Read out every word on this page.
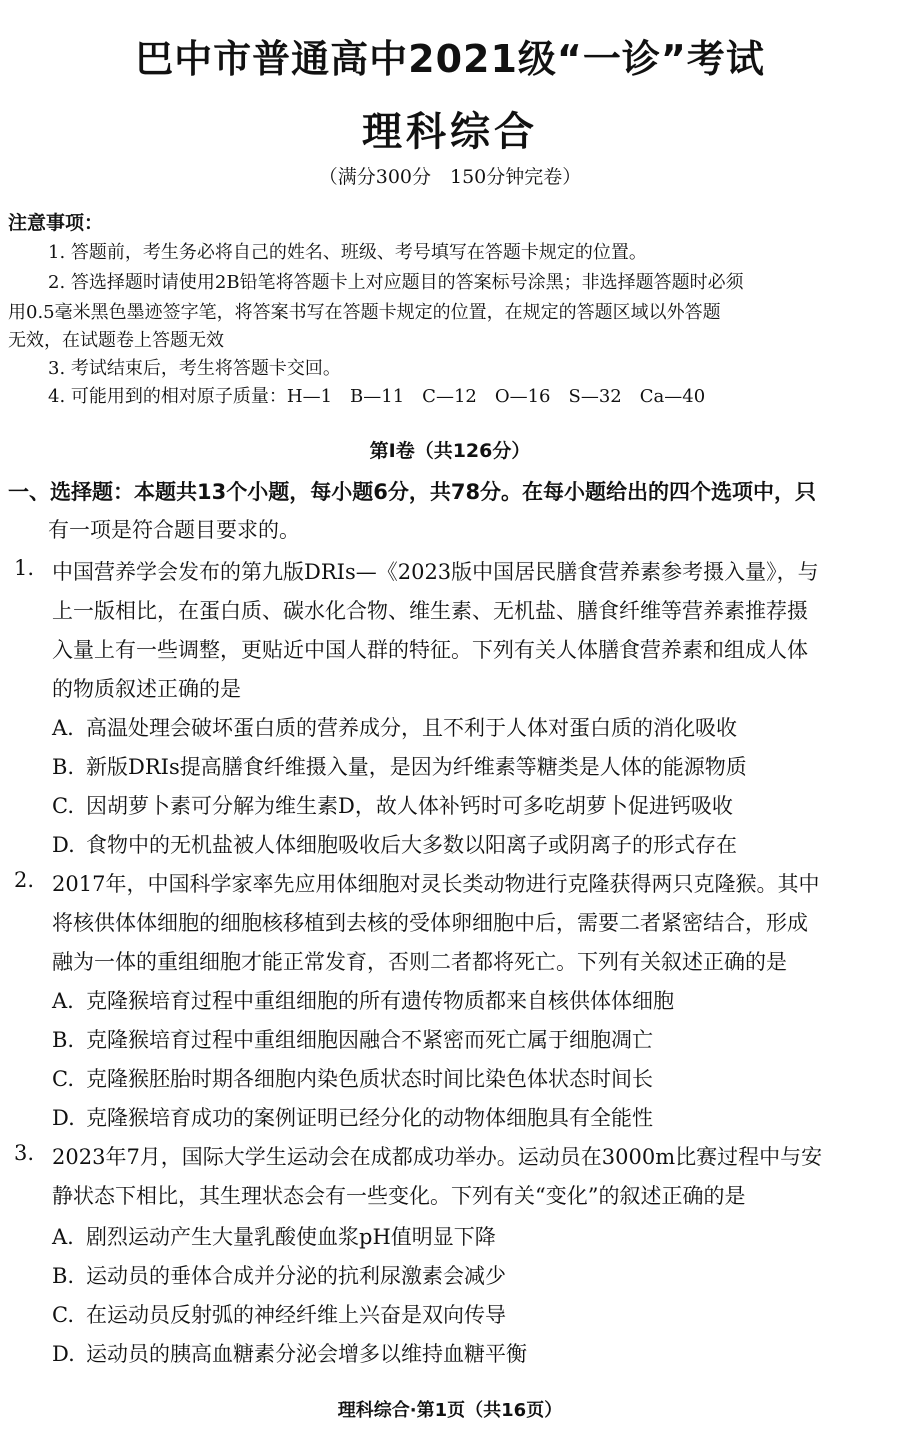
巴中市普通高中2021级“一诊”考试
理科综合
（满分300分　150分钟完卷）
注意事项：
1. 答题前，考生务必将自己的姓名、班级、考号填写在答题卡规定的位置。
2. 答选择题时请使用2B铅笔将答题卡上对应题目的答案标号涂黑；非选择题答题时必须
用0.5毫米黑色墨迹签字笔，将答案书写在答题卡规定的位置，在规定的答题区域以外答题
无效，在试题卷上答题无效
3. 考试结束后，考生将答题卡交回。
4. 可能用到的相对原子质量：H—1　B—11　C—12　O—16　S—32　Ca—40
第Ⅰ卷（共126分）
一、选择题：本题共13个小题，每小题6分，共78分。在每小题给出的四个选项中，只
有一项是符合题目要求的。
1. 中国营养学会发布的第九版DRIs—《2023版中国居民膳食营养素参考摄入量》，与
上一版相比，在蛋白质、碳水化合物、维生素、无机盐、膳食纤维等营养素推荐摄
入量上有一些调整，更贴近中国人群的特征。下列有关人体膳食营养素和组成人体
的物质叙述正确的是
A. 高温处理会破坏蛋白质的营养成分，且不利于人体对蛋白质的消化吸收
B. 新版DRIs提高膳食纤维摄入量，是因为纤维素等糖类是人体的能源物质
C. 因胡萝卜素可分解为维生素D，故人体补钙时可多吃胡萝卜促进钙吸收
D. 食物中的无机盐被人体细胞吸收后大多数以阳离子或阴离子的形式存在
2. 2017年，中国科学家率先应用体细胞对灵长类动物进行克隆获得两只克隆猴。其中
将核供体体细胞的细胞核移植到去核的受体卵细胞中后，需要二者紧密结合，形成
融为一体的重组细胞才能正常发育，否则二者都将死亡。下列有关叙述正确的是
A. 克隆猴培育过程中重组细胞的所有遗传物质都来自核供体体细胞
B. 克隆猴培育过程中重组细胞因融合不紧密而死亡属于细胞凋亡
C. 克隆猴胚胎时期各细胞内染色质状态时间比染色体状态时间长
D. 克隆猴培育成功的案例证明已经分化的动物体细胞具有全能性
3. 2023年7月，国际大学生运动会在成都成功举办。运动员在3000m比赛过程中与安
静状态下相比，其生理状态会有一些变化。下列有关“变化”的叙述正确的是
A. 剧烈运动产生大量乳酸使血浆pH值明显下降
B. 运动员的垂体合成并分泌的抗利尿激素会减少
C. 在运动员反射弧的神经纤维上兴奋是双向传导
D. 运动员的胰高血糖素分泌会增多以维持血糖平衡
理科综合·第1页（共16页）
